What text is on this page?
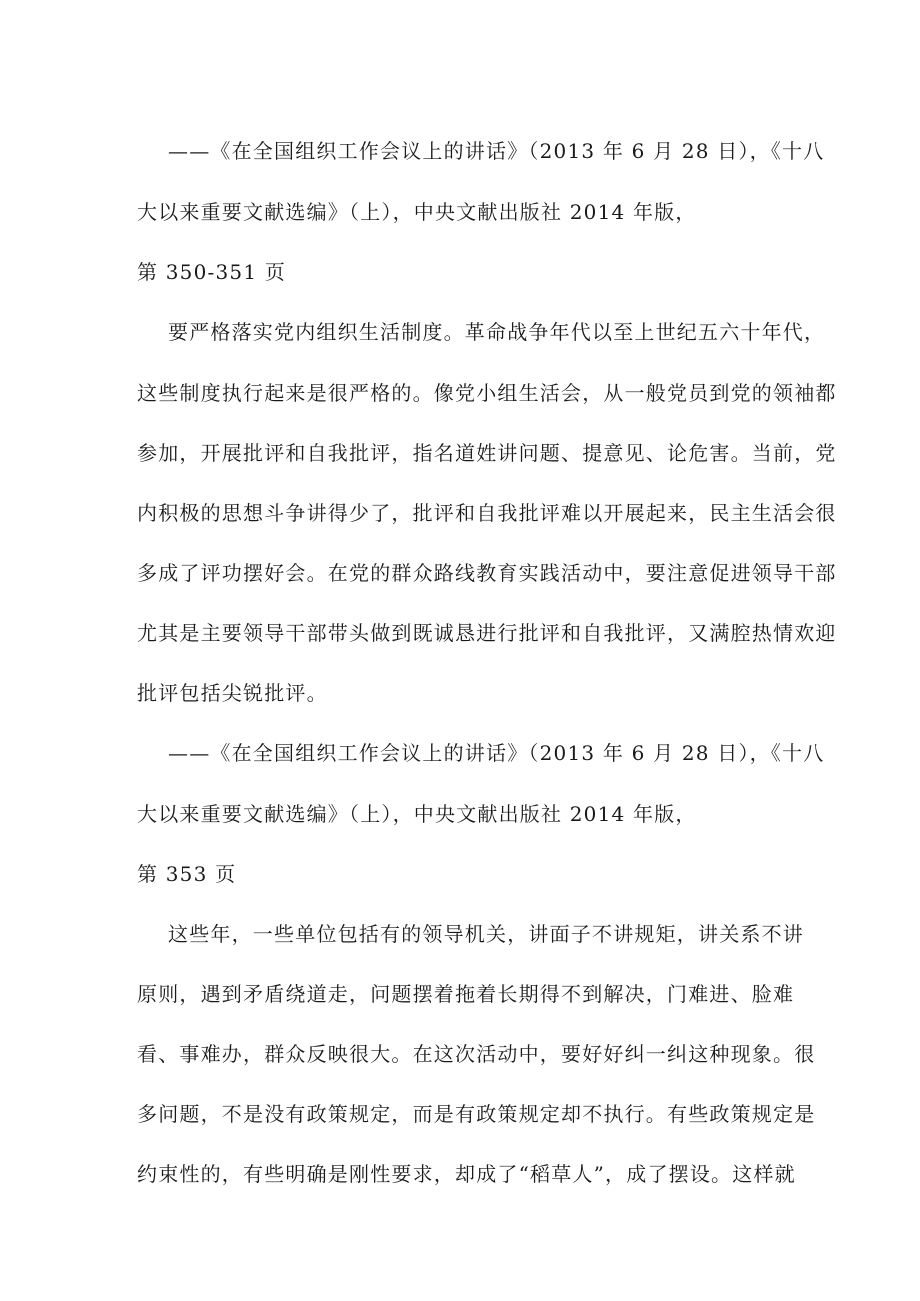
——《在全国组织工作会议上的讲话》（2013 年 6 月 28 日），《十八
大以来重要文献选编》（上），中央文献出版社 2014 年版，
第 350-351 页
要严格落实党内组织生活制度。革命战争年代以至上世纪五六十年代，
这些制度执行起来是很严格的。像党小组生活会，从一般党员到党的领袖都
参加，开展批评和自我批评，指名道姓讲问题、提意见、论危害。当前，党
内积极的思想斗争讲得少了，批评和自我批评难以开展起来，民主生活会很
多成了评功摆好会。在党的群众路线教育实践活动中，要注意促进领导干部
尤其是主要领导干部带头做到既诚恳进行批评和自我批评，又满腔热情欢迎
批评包括尖锐批评。
——《在全国组织工作会议上的讲话》（2013 年 6 月 28 日），《十八
大以来重要文献选编》（上），中央文献出版社 2014 年版，
第 353 页
这些年，一些单位包括有的领导机关，讲面子不讲规矩，讲关系不讲
原则，遇到矛盾绕道走，问题摆着拖着长期得不到解决，门难进、脸难
看、事难办，群众反映很大。在这次活动中，要好好纠一纠这种现象。很
多问题，不是没有政策规定，而是有政策规定却不执行。有些政策规定是
约束性的，有些明确是刚性要求，却成了“稻草人”，成了摆设。这样就
